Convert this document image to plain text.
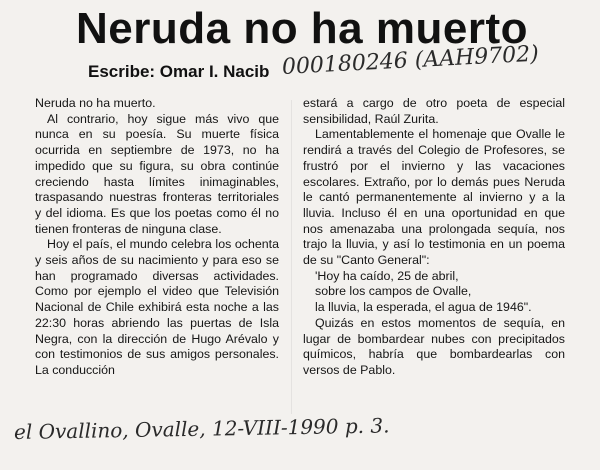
Neruda no ha muerto
Escribe: Omar I. Nacib 000180246 (AAH9702)

Neruda no ha muerto.

Al contrario, hoy sigue más vivo que nunca en su poesía. Su muerte física ocurrida en septiembre de 1973, no ha impedido que su figura, su obra continúe creciendo hasta límites inimaginables, traspasando nuestras fronteras territoriales y del idioma. Es que los poetas como él no tienen fronteras de ninguna clase.

Hoy el país, el mundo celebra los ochenta y seis años de su nacimiento y para eso se han programado diversas actividades. Como por ejemplo el video que Televisión Nacional de Chile exhibirá esta noche a las 22:30 horas abriendo las puertas de Isla Negra, con la dirección de Hugo Arévalo y con testimonios de sus amigos personales. La conducción

estará a cargo de otro poeta de especial sensibilidad, Raúl Zurita.

Lamentablemente el homenaje que Ovalle le rendirá a través del Colegio de Profesores, se frustró por el invierno y las vacaciones escolares. Extraño, por lo demás pues Neruda le cantó permanentemente al invierno y a la lluvia. Incluso él en una oportunidad en que nos amenazaba una prolongada sequía, nos trajo la lluvia, y así lo testimonia en un poema de su "Canto General":

'Hoy ha caído, 25 de abril,

sobre los campos de Ovalle,

la lluvia, la esperada, el agua de 1946".

Quizás en estos momentos de sequía, en lugar de bombardear nubes con precipitados químicos, habría que bombardearlas con versos de Pablo.

el Ovallino, Ovalle, 12-VIII-1990 p. 3.
